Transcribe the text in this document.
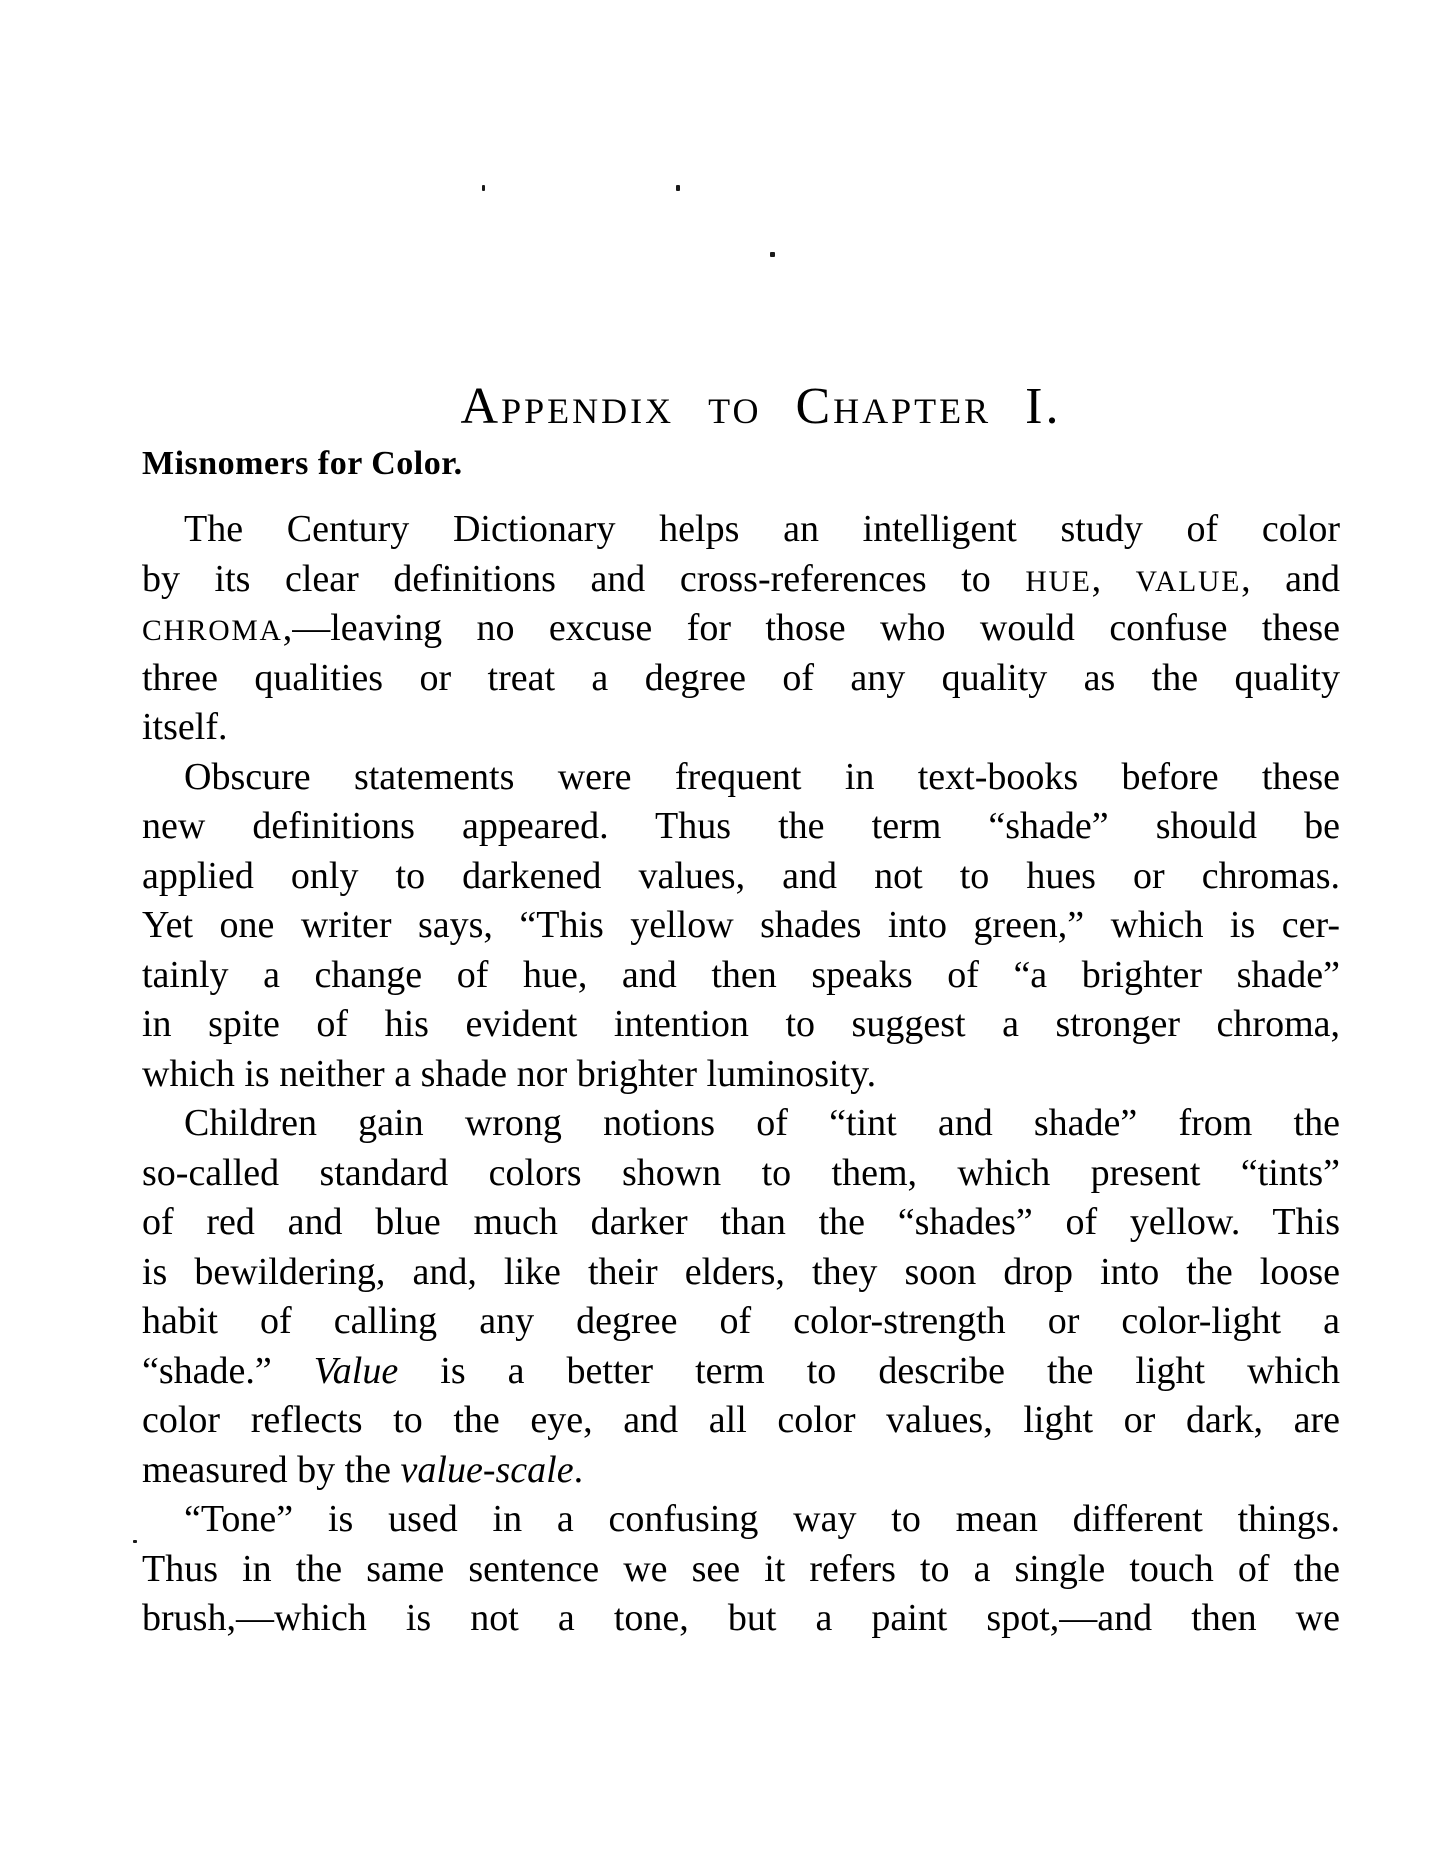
Appendix to Chapter I.
Misnomers for Color.
The Century Dictionary helps an intelligent study of color
by its clear definitions and cross-references to HUE, VALUE, and
CHROMA,—leaving no excuse for those who would confuse these
three qualities or treat a degree of any quality as the quality
itself.
Obscure statements were frequent in text-books before these
new definitions appeared. Thus the term “shade” should be
applied only to darkened values, and not to hues or chromas.
Yet one writer says, “This yellow shades into green,” which is cer-
tainly a change of hue, and then speaks of “a brighter shade”
in spite of his evident intention to suggest a stronger chroma,
which is neither a shade nor brighter luminosity.
Children gain wrong notions of “tint and shade” from the
so-called standard colors shown to them, which present “tints”
of red and blue much darker than the “shades” of yellow. This
is bewildering, and, like their elders, they soon drop into the loose
habit of calling any degree of color-strength or color-light a
“shade.” Value is a better term to describe the light which
color reflects to the eye, and all color values, light or dark, are
measured by the value-scale.
“Tone” is used in a confusing way to mean different things.
Thus in the same sentence we see it refers to a single touch of the
brush,—which is not a tone, but a paint spot,—and then we
